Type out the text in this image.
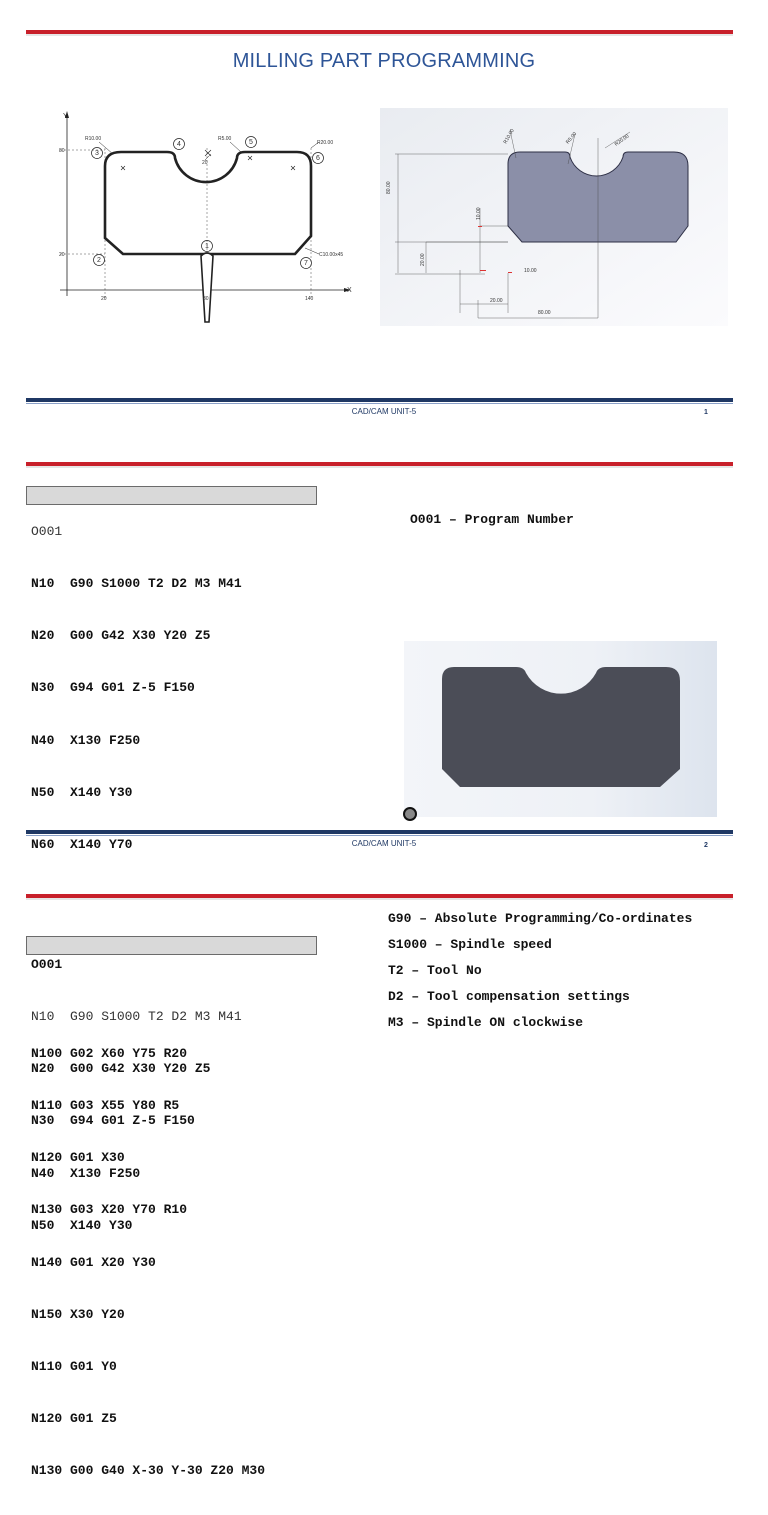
MILLING PART PROGRAMMING
Y
X
80
20
20	80	140
R10.00	R5.00
R20.00
20
C10.00x45
1
2
3
4	5
6
7
80.00
10.00
20.00
10.00
20.00
80.00
R10.00	R5.00	R20.00
CAD/CAM UNIT-5	1

O001

N10  G90 S1000 T2 D2 M3 M41

N20  G00 G42 X30 Y20 Z5

N30  G94 G01 Z-5 F150

N40  X130 F250

N50  X140 Y30

N60  X140 Y70

N100 G02 X60 Y75 R20

N110 G03 X55 Y80 R5

N120 G01 X30

N130 G03 X20 Y70 R10

N140 G01 X20 Y30

N150 X30 Y20

N110 G01 Y0

N120 G01 Z5

N130 G00 G40 X-30 Y-30 Z20 M30

O001 – Program Number
CAD/CAM UNIT-5	2

O001

N10  G90 S1000 T2 D2 M3 M41

N20  G00 G42 X30 Y20 Z5

N30  G94 G01 Z-5 F150

N40  X130 F250

N50  X140 Y30

G90 – Absolute Programming/Co-ordinates
S1000 – Spindle speed
T2 – Tool No
D2 – Tool compensation settings
M3 – Spindle ON clockwise
